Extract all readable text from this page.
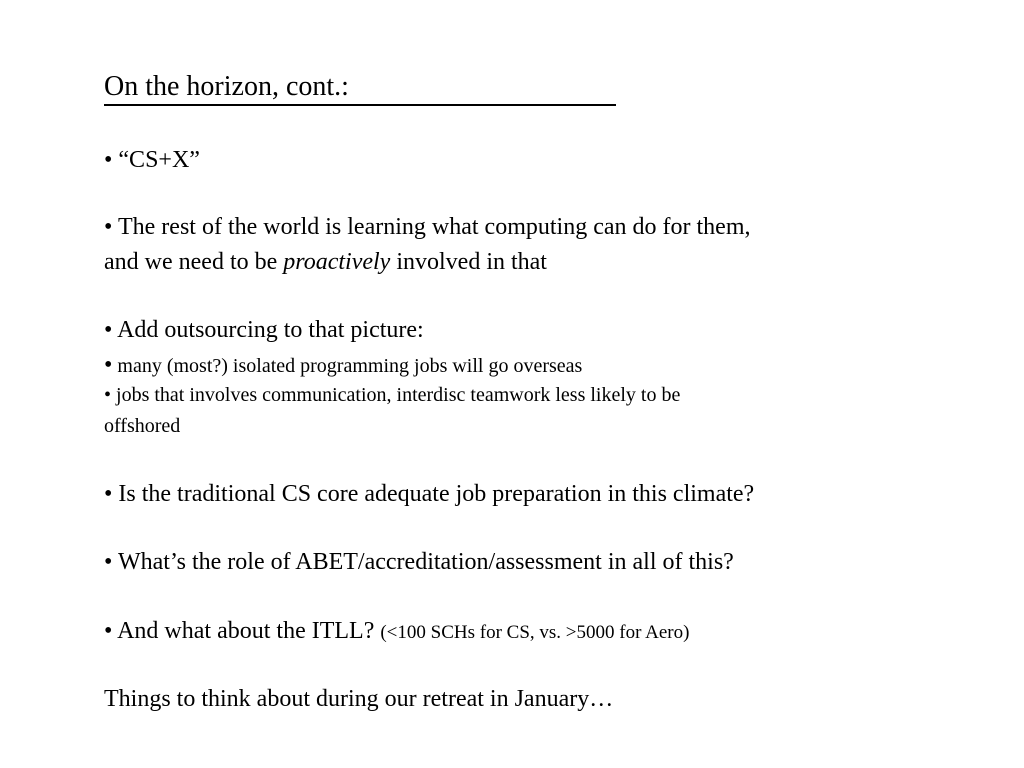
On the horizon, cont.:
• “CS+X”
• The rest of the world is learning what computing can do for them,
and we need to be proactively involved in that
• Add outsourcing to that picture:
• many (most?) isolated programming jobs will go overseas
• jobs that involves communication, interdisc teamwork less likely to be
offshored
• Is the traditional CS core adequate job preparation in this climate?
• What’s the role of ABET/accreditation/assessment in all of this?
• And what about the ITLL? (<100 SCHs for CS, vs. >5000 for Aero)
Things to think about during our retreat in January…
